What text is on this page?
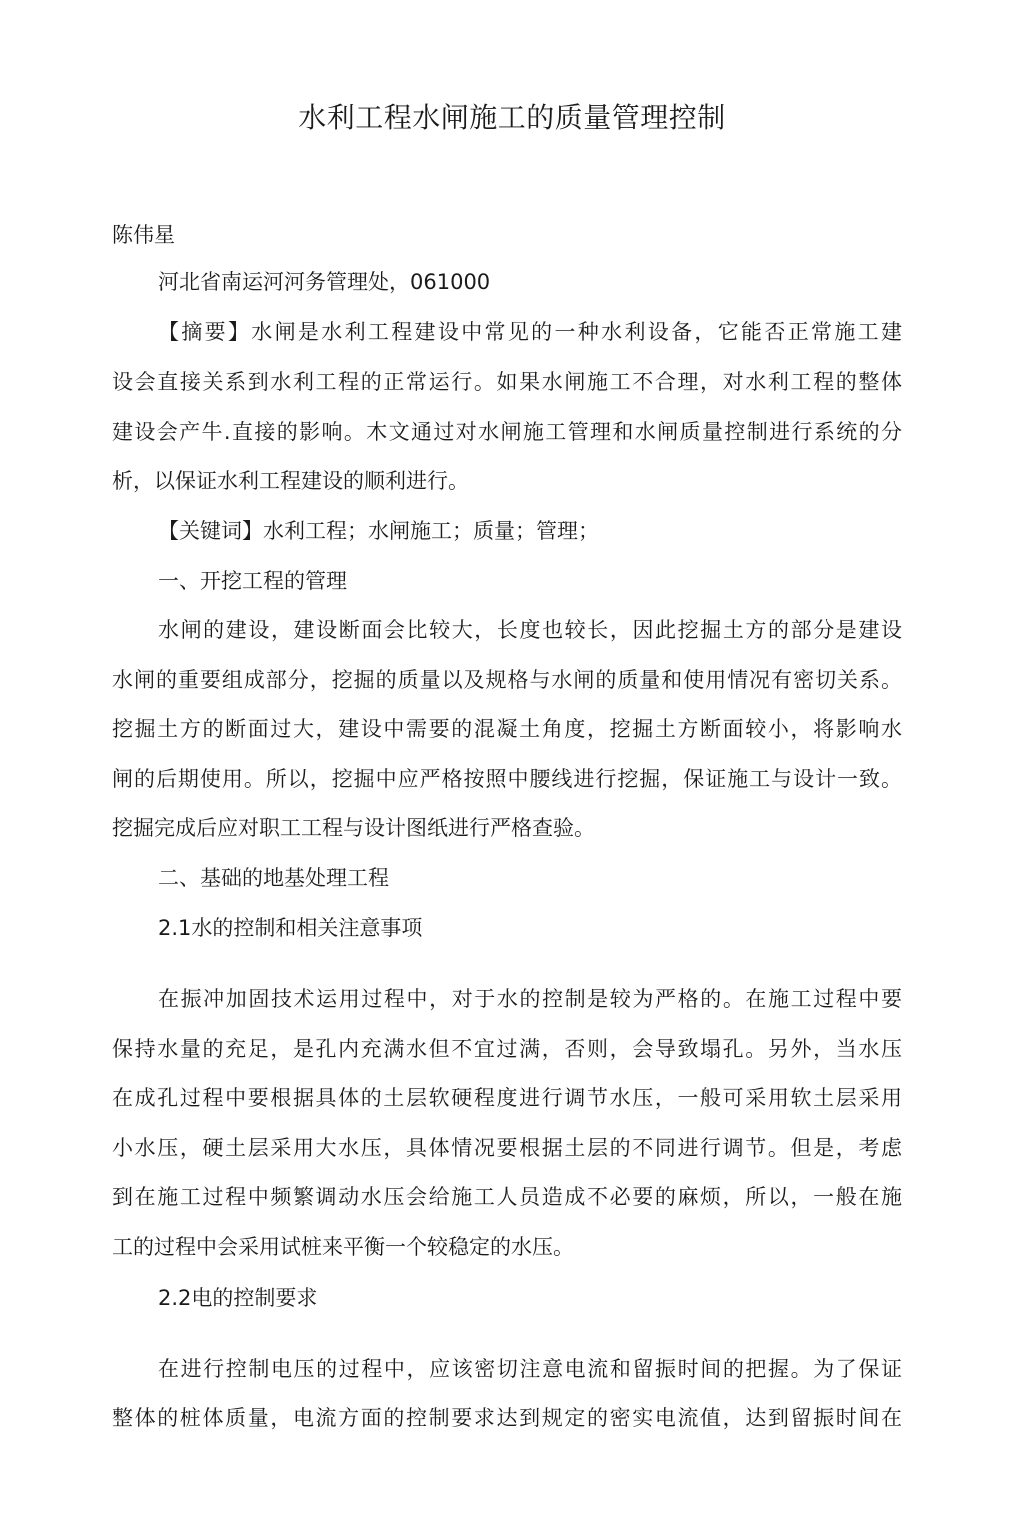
水利工程水闸施工的质量管理控制

陈伟星

河北省南运河河务管理处，061000

【摘要】水闸是水利工程建设中常见的一种水利设备，它能否正常施工建

设会直接关系到水利工程的正常运行。如果水闸施工不合理，对水利工程的整体

建设会产牛.直接的影响。木文通过对水闸施工管理和水闸质量控制进行系统的分

析，以保证水利工程建设的顺利进行。

【关键词】水利工程；水闸施工；质量；管理；

一、开挖工程的管理

水闸的建设，建设断面会比较大，长度也较长，因此挖掘土方的部分是建设

水闸的重要组成部分，挖掘的质量以及规格与水闸的质量和使用情况有密切关系。

挖掘土方的断面过大，建设中需要的混凝土角度，挖掘土方断面较小，将影响水

闸的后期使用。所以，挖掘中应严格按照中腰线进行挖掘，保证施工与设计一致。

挖掘完成后应对职工工程与设计图纸进行严格查验。

二、基础的地基处理工程

2.1水的控制和相关注意事项

在振冲加固技术运用过程中，对于水的控制是较为严格的。在施工过程中要

保持水量的充足，是孔内充满水但不宜过满，否则，会导致塌孔。另外，当水压

在成孔过程中要根据具体的土层软硬程度进行调节水压，一般可采用软土层采用

小水压，硬土层采用大水压，具体情况要根据土层的不同进行调节。但是，考虑

到在施工过程中频繁调动水压会给施工人员造成不必要的麻烦，所以，一般在施

工的过程中会采用试桩来平衡一个较稳定的水压。

2.2电的控制要求

在进行控制电压的过程中，应该密切注意电流和留振时间的把握。为了保证

整体的桩体质量，电流方面的控制要求达到规定的密实电流值，达到留振时间在
